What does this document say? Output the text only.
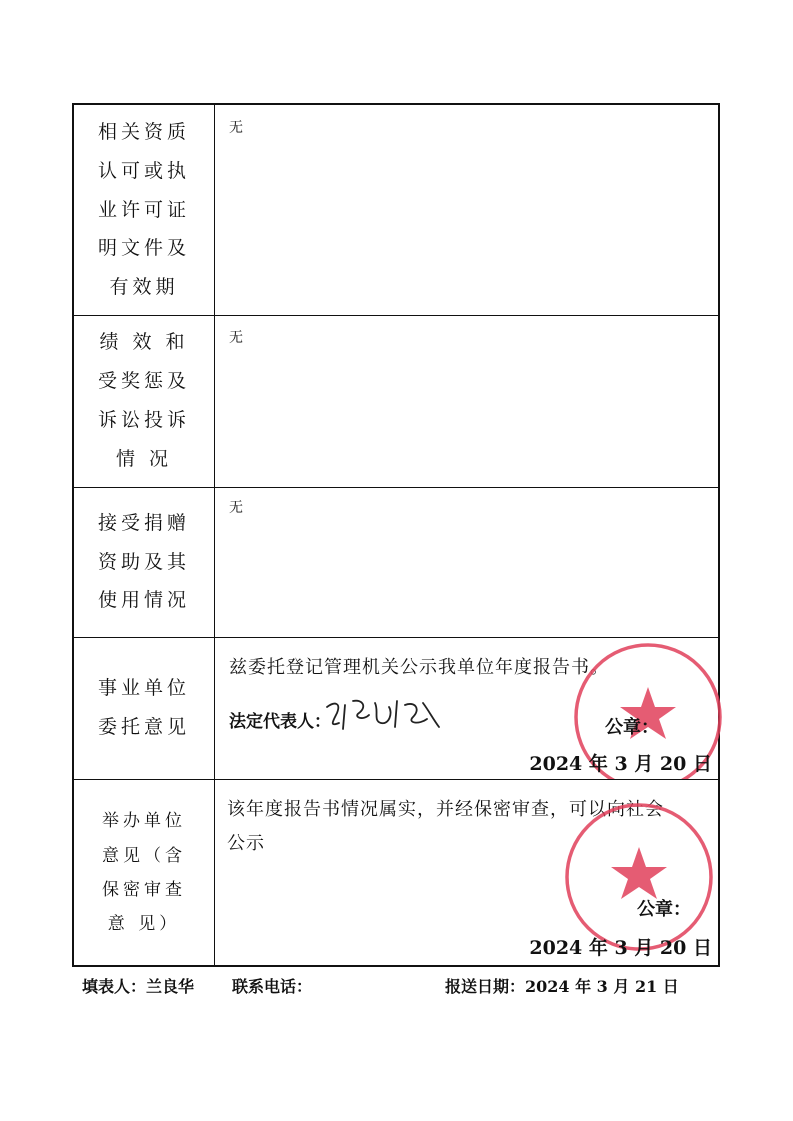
相关资质
认可或执
业许可证
明文件及
有效期
无
绩 效 和
受奖惩及
诉讼投诉
情 况
无
接受捐赠
资助及其
使用情况
无
事业单位
委托意见
兹委托登记管理机关公示我单位年度报告书。
法定代表人：	公章：
2024 年 3 月 20 日
举办单位
意见（含
保密审查
意 见）
该年度报告书情况属实，并经保密审查，可以向社会
公示
公章：
2024 年 3 月 20 日
填表人：兰良华 联系电话：	报送日期：2024 年 3 月 21 日
